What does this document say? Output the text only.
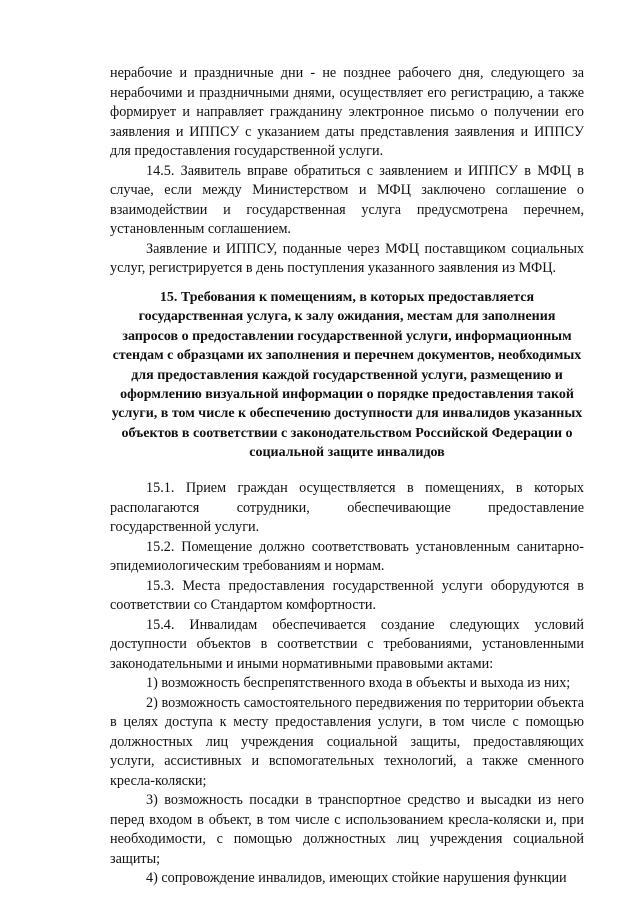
нерабочие и праздничные дни - не позднее рабочего дня, следующего за нерабочими и праздничными днями, осуществляет его регистрацию, а также формирует и направляет гражданину электронное письмо о получении его заявления и ИППСУ с указанием даты представления заявления и ИППСУ для предоставления государственной услуги.

14.5. Заявитель вправе обратиться с заявлением и ИППСУ в МФЦ в случае, если между Министерством и МФЦ заключено соглашение о взаимодействии и государственная услуга предусмотрена перечнем, установленным соглашением.

Заявление и ИППСУ, поданные через МФЦ поставщиком социальных услуг, регистрируется в день поступления указанного заявления из МФЦ.

15. Требования к помещениям, в которых предоставляется государственная услуга, к залу ожидания, местам для заполнения запросов о предоставлении государственной услуги, информационным стендам с образцами их заполнения и перечнем документов, необходимых для предоставления каждой государственной услуги, размещению и оформлению визуальной информации о порядке предоставления такой услуги, в том числе к обеспечению доступности для инвалидов указанных объектов в соответствии с законодательством Российской Федерации о социальной защите инвалидов

15.1. Прием граждан осуществляется в помещениях, в которых располагаются сотрудники, обеспечивающие предоставление государственной услуги.

15.2. Помещение должно соответствовать установленным санитарно-эпидемиологическим требованиям и нормам.

15.3. Места предоставления государственной услуги оборудуются в соответствии со Стандартом комфортности.

15.4. Инвалидам обеспечивается создание следующих условий доступности объектов в соответствии с требованиями, установленными законодательными и иными нормативными правовыми актами:

1) возможность беспрепятственного входа в объекты и выхода из них;

2) возможность самостоятельного передвижения по территории объекта в целях доступа к месту предоставления услуги, в том числе с помощью должностных лиц учреждения социальной защиты, предоставляющих услуги, ассистивных и вспомогательных технологий, а также сменного кресла-коляски;

3) возможность посадки в транспортное средство и высадки из него перед входом в объект, в том числе с использованием кресла-коляски и, при необходимости, с помощью должностных лиц учреждения социальной защиты;

4) сопровождение инвалидов, имеющих стойкие нарушения функции
